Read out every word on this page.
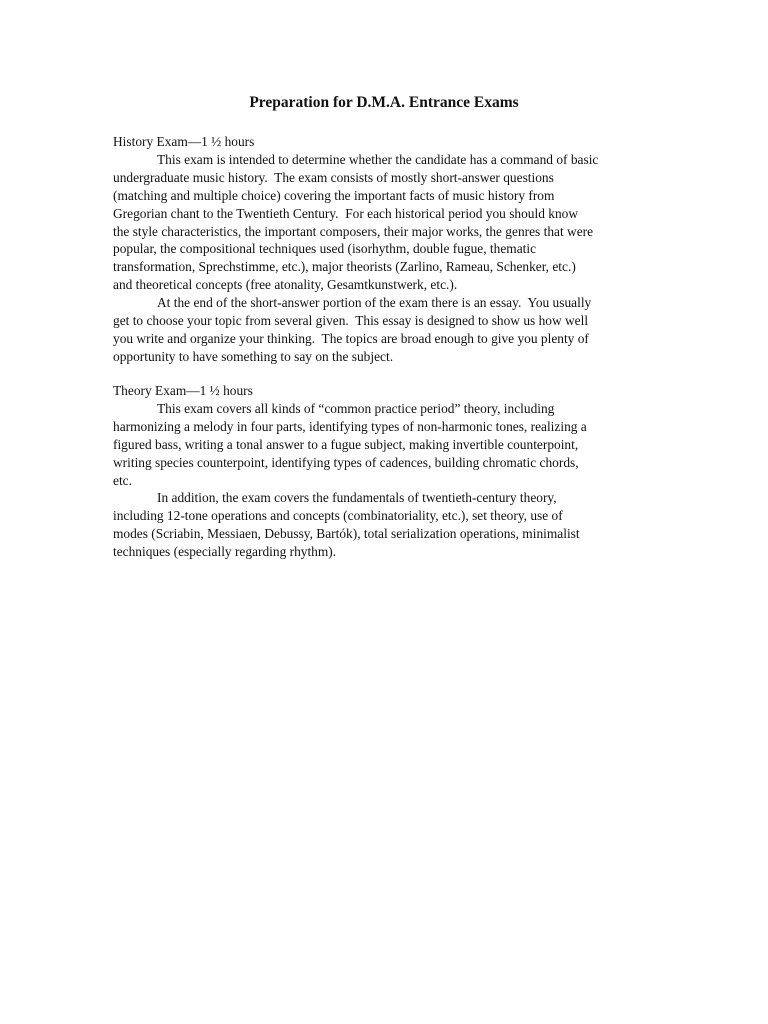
Preparation for D.M.A. Entrance Exams

History Exam—1 ½ hours

This exam is intended to determine whether the candidate has a command of basic
undergraduate music history.  The exam consists of mostly short-answer questions
(matching and multiple choice) covering the important facts of music history from
Gregorian chant to the Twentieth Century.  For each historical period you should know
the style characteristics, the important composers, their major works, the genres that were
popular, the compositional techniques used (isorhythm, double fugue, thematic
transformation, Sprechstimme, etc.), major theorists (Zarlino, Rameau, Schenker, etc.)
and theoretical concepts (free atonality, Gesamtkunstwerk, etc.).

At the end of the short-answer portion of the exam there is an essay.  You usually
get to choose your topic from several given.  This essay is designed to show us how well
you write and organize your thinking.  The topics are broad enough to give you plenty of
opportunity to have something to say on the subject.

Theory Exam—1 ½ hours

This exam covers all kinds of “common practice period” theory, including
harmonizing a melody in four parts, identifying types of non-harmonic tones, realizing a
figured bass, writing a tonal answer to a fugue subject, making invertible counterpoint,
writing species counterpoint, identifying types of cadences, building chromatic chords,
etc.

In addition, the exam covers the fundamentals of twentieth-century theory,
including 12-tone operations and concepts (combinatoriality, etc.), set theory, use of
modes (Scriabin, Messiaen, Debussy, Bartók), total serialization operations, minimalist
techniques (especially regarding rhythm).
